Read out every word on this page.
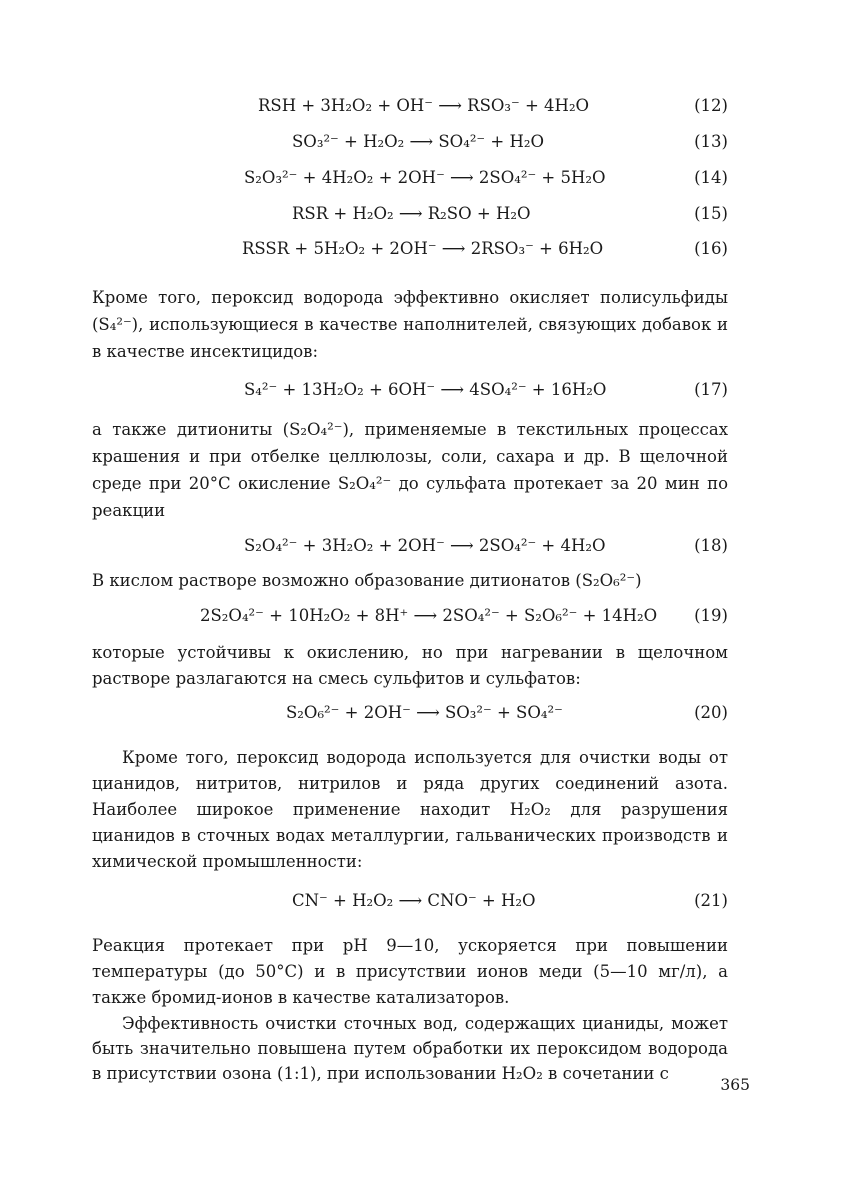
RSH + 3H₂O₂ + OH⁻ ⟶ RSO₃⁻ + 4H₂O	(12)
SO₃²⁻ + H₂O₂ ⟶ SO₄²⁻ + H₂O	(13)
S₂O₃²⁻ + 4H₂O₂ + 2OH⁻ ⟶ 2SO₄²⁻ + 5H₂O	(14)
RSR + H₂O₂ ⟶ R₂SO + H₂O	(15)
RSSR + 5H₂O₂ + 2OH⁻ ⟶ 2RSO₃⁻ + 6H₂O	(16)

Кроме того, пероксид водорода эффективно окисляет полисульфиды (S₄²⁻), использующиеся в качестве наполнителей, связующих добавок и в качестве инсектицидов:

S₄²⁻ + 13H₂O₂ + 6OH⁻ ⟶ 4SO₄²⁻ + 16H₂O	(17)

а также дитиониты (S₂O₄²⁻), применяемые в текстильных процессах крашения и при отбелке целлюлозы, соли, сахара и др. В щелочной среде при 20°C окисление S₂O₄²⁻ до сульфата протекает за 20 мин по реакции

S₂O₄²⁻ + 3H₂O₂ + 2OH⁻ ⟶ 2SO₄²⁻ + 4H₂O	(18)

В кислом растворе возможно образование дитионатов (S₂O₆²⁻)

2S₂O₄²⁻ + 10H₂O₂ + 8H⁺ ⟶ 2SO₄²⁻ + S₂O₆²⁻ + 14H₂O (19)

которые устойчивы к окислению, но при нагревании в щелочном растворе разлагаются на смесь сульфитов и сульфатов:

S₂O₆²⁻ + 2OH⁻ ⟶ SO₃²⁻ + SO₄²⁻	(20)

Кроме того, пероксид водорода используется для очистки воды от цианидов, нитритов, нитрилов и ряда других соединений азота. Наиболее широкое применение находит H₂O₂ для разрушения цианидов в сточных водах металлургии, гальванических производств и химической промышленности:

CN⁻ + H₂O₂ ⟶ CNO⁻ + H₂O	(21)

Реакция протекает при pH 9—10, ускоряется при повышении температуры (до 50°C) и в присутствии ионов меди (5—10 мг/л), а также бромид-ионов в качестве катализаторов.

Эффективность очистки сточных вод, содержащих цианиды, может быть значительно повышена путем обработки их пероксидом водорода в присутствии озона (1:1), при использовании H₂O₂ в сочетании с

365
